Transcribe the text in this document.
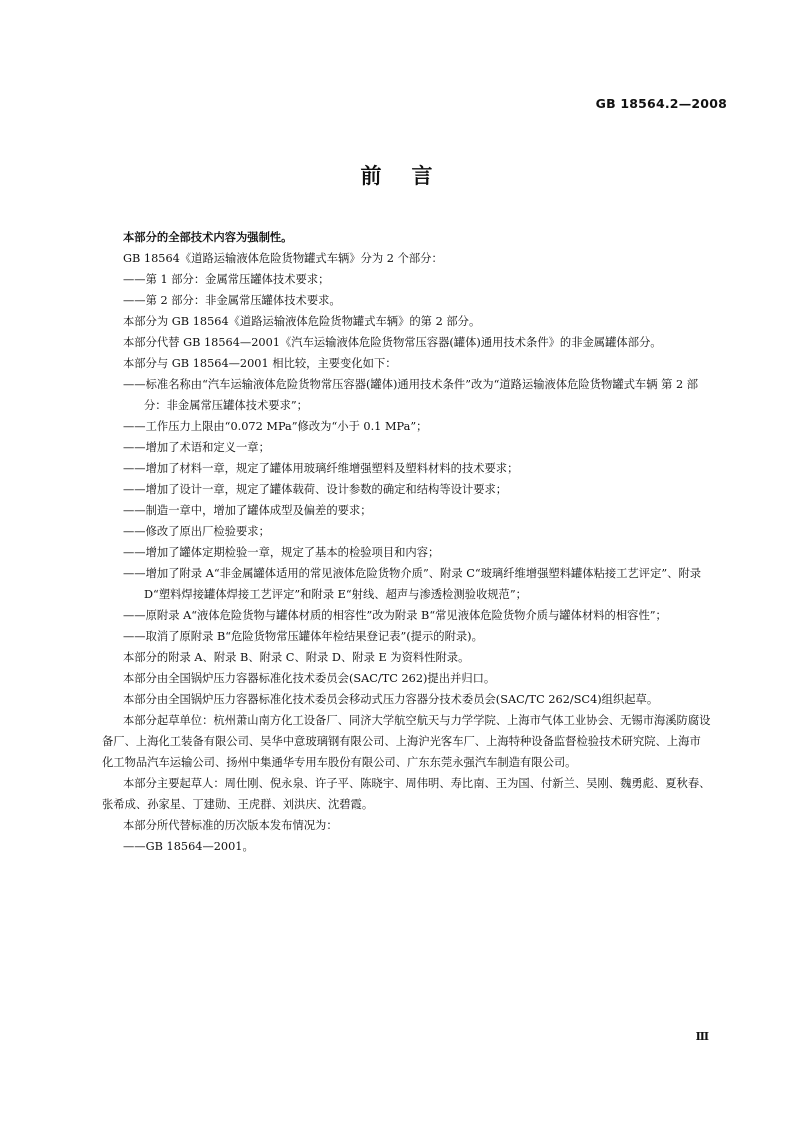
GB 18564.2—2008
前言

本部分的全部技术内容为强制性。

GB 18564《道路运输液体危险货物罐式车辆》分为 2 个部分：

——第 1 部分：金属常压罐体技术要求；

——第 2 部分：非金属常压罐体技术要求。

本部分为 GB 18564《道路运输液体危险货物罐式车辆》的第 2 部分。

本部分代替 GB 18564—2001《汽车运输液体危险货物常压容器(罐体)通用技术条件》的非金属罐体部分。

本部分与 GB 18564—2001 相比较，主要变化如下：

——标准名称由“汽车运输液体危险货物常压容器(罐体)通用技术条件”改为“道路运输液体危险货物罐式车辆 第 2 部分：非金属常压罐体技术要求”；

——工作压力上限由“0.072 MPa”修改为“小于 0.1 MPa”；

——增加了术语和定义一章；

——增加了材料一章，规定了罐体用玻璃纤维增强塑料及塑料材料的技术要求；

——增加了设计一章，规定了罐体载荷、设计参数的确定和结构等设计要求；

——制造一章中，增加了罐体成型及偏差的要求；

——修改了原出厂检验要求；

——增加了罐体定期检验一章，规定了基本的检验项目和内容；

——增加了附录 A“非金属罐体适用的常见液体危险货物介质”、附录 C“玻璃纤维增强塑料罐体粘接工艺评定”、附录 D“塑料焊接罐体焊接工艺评定”和附录 E“射线、超声与渗透检测验收规范”；

——原附录 A“液体危险货物与罐体材质的相容性”改为附录 B“常见液体危险货物介质与罐体材料的相容性”；

——取消了原附录 B“危险货物常压罐体年检结果登记表”(提示的附录)。

本部分的附录 A、附录 B、附录 C、附录 D、附录 E 为资料性附录。

本部分由全国锅炉压力容器标准化技术委员会(SAC/TC 262)提出并归口。

本部分由全国锅炉压力容器标准化技术委员会移动式压力容器分技术委员会(SAC/TC 262/SC4)组织起草。

本部分起草单位：杭州萧山南方化工设备厂、同济大学航空航天与力学学院、上海市气体工业协会、无锡市海溪防腐设备厂、上海化工装备有限公司、吴华中意玻璃钢有限公司、上海沪光客车厂、上海特种设备监督检验技术研究院、上海市化工物品汽车运输公司、扬州中集通华专用车股份有限公司、广东东莞永强汽车制造有限公司。

本部分主要起草人：周仕刚、倪永泉、许子平、陈晓宇、周伟明、寿比南、王为国、付新兰、吴刚、魏勇彪、夏秋春、张希成、孙家星、丁建勋、王虎群、刘洪庆、沈碧霞。

本部分所代替标准的历次版本发布情况为：

——GB 18564—2001。

Ⅲ
